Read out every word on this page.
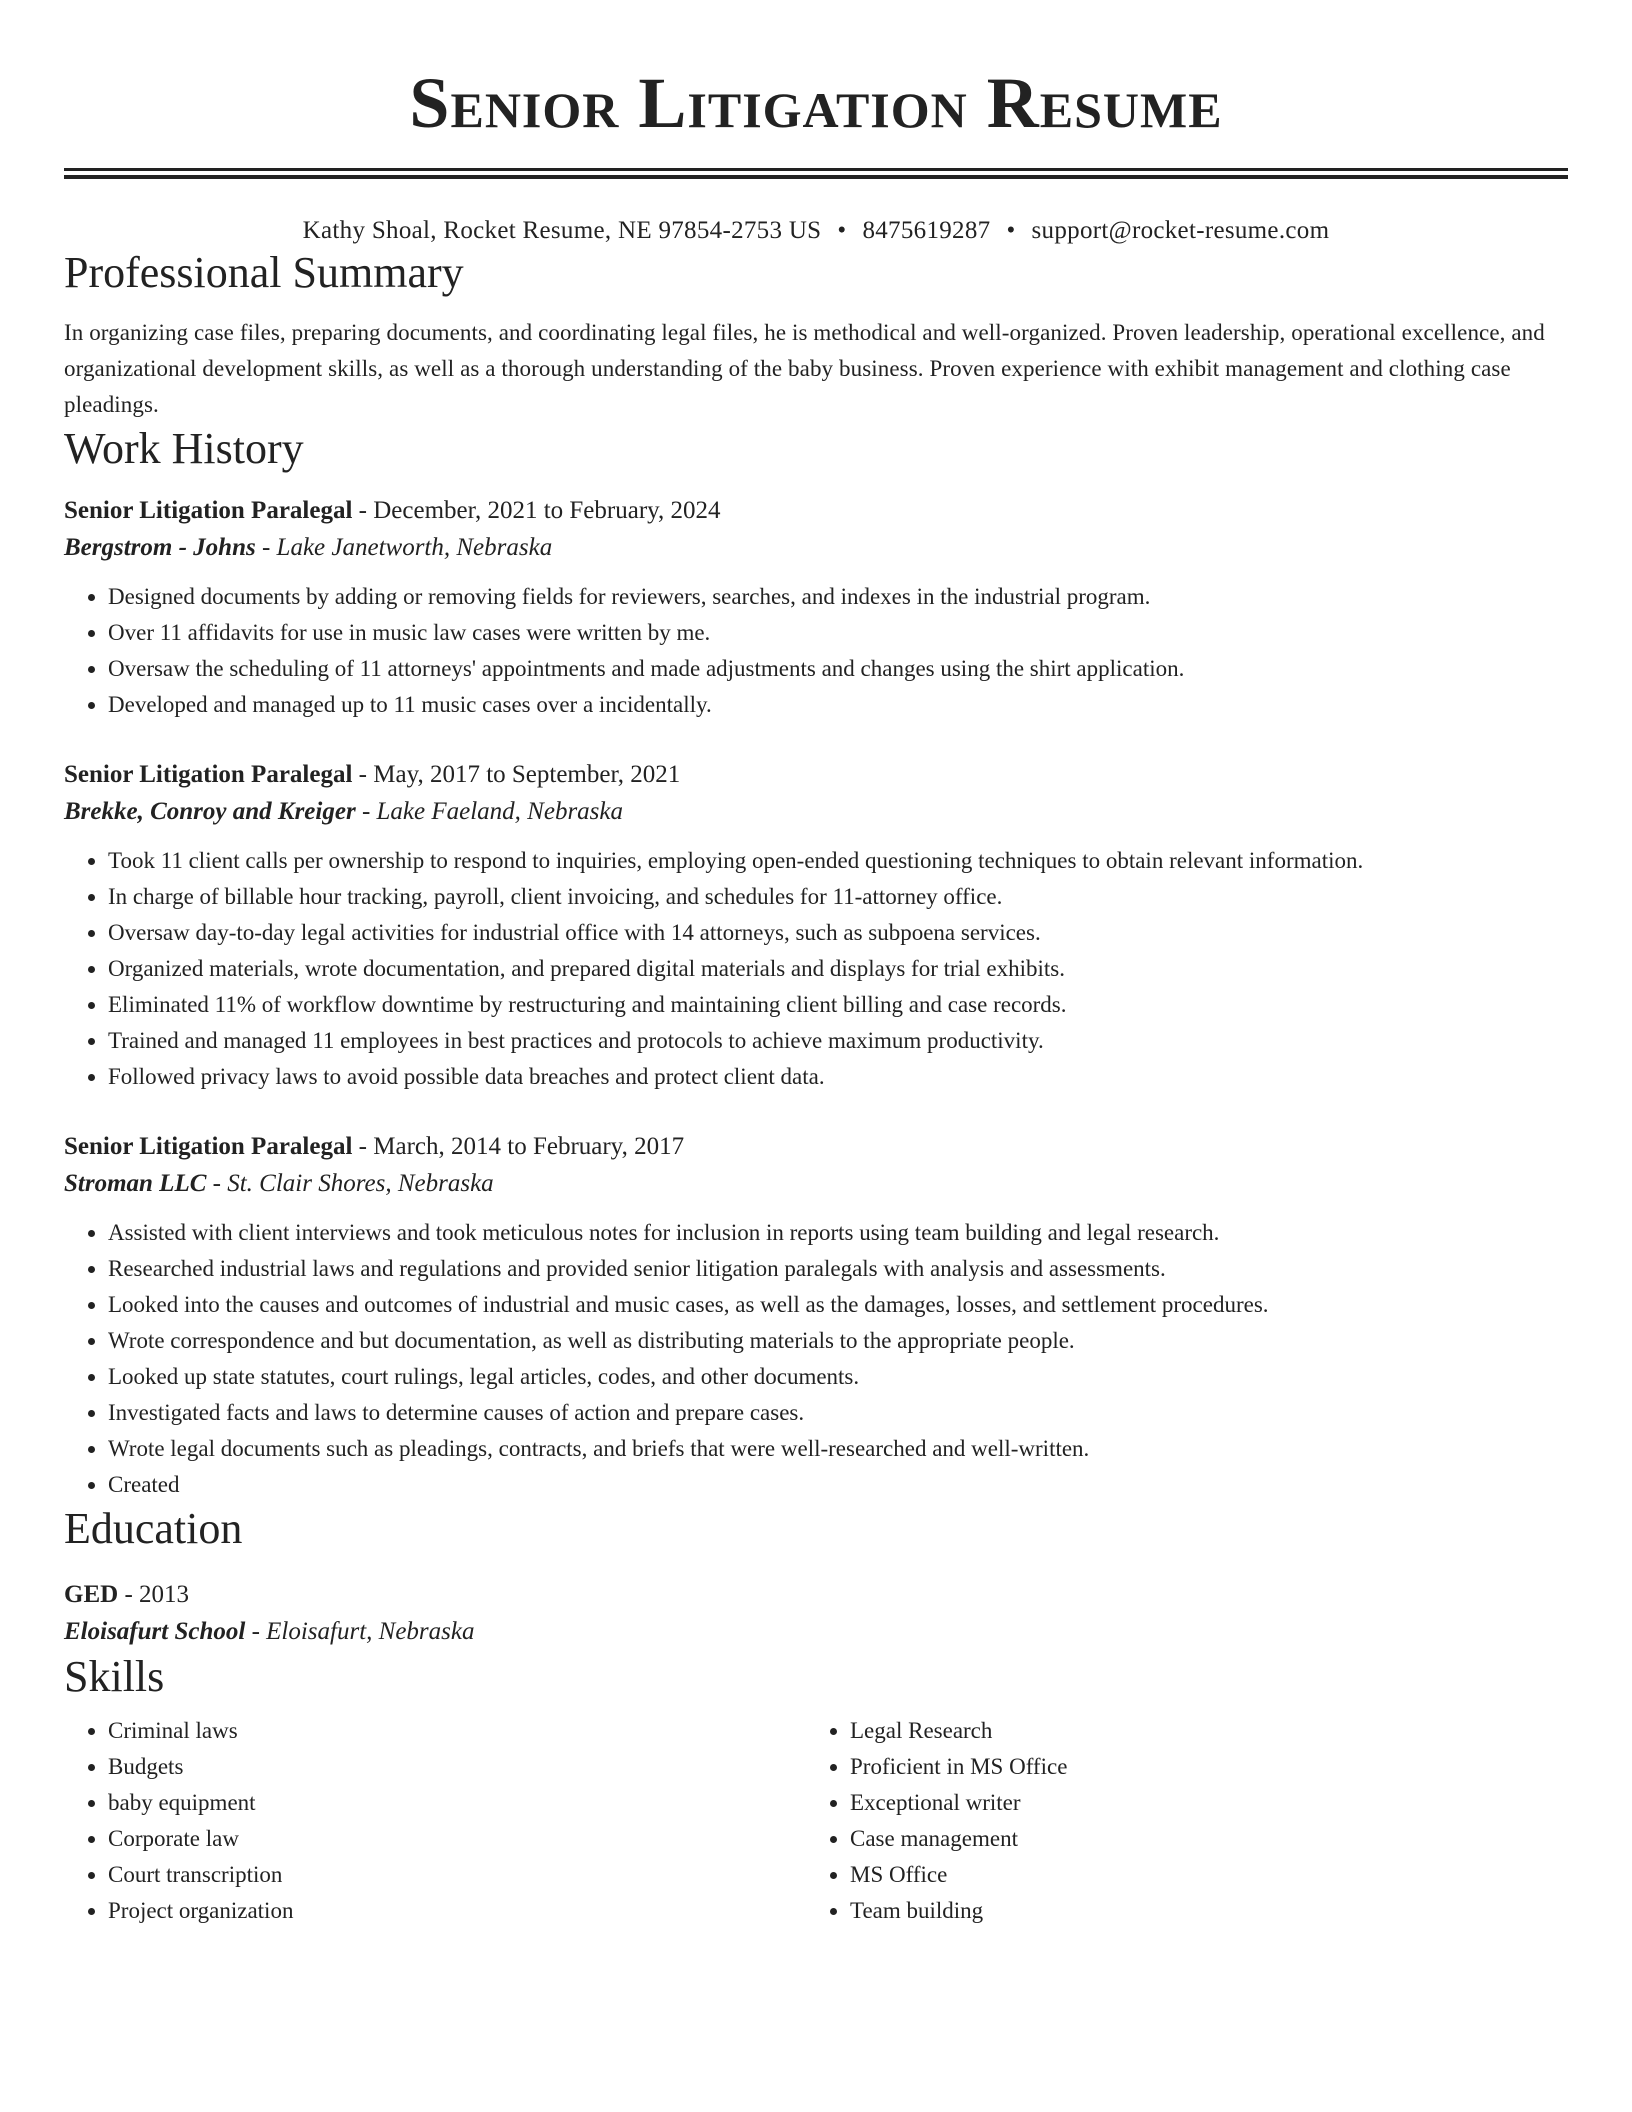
Senior Litigation Resume
Kathy Shoal, Rocket Resume, NE 97854-2753 US • 8475619287 • support@rocket-resume.com
Professional Summary

In organizing case files, preparing documents, and coordinating legal files, he is methodical and well-organized. Proven leadership, operational excellence, and organizational development skills, as well as a thorough understanding of the baby business. Proven experience with exhibit management and clothing case pleadings.

Work History
Senior Litigation Paralegal - December, 2021 to February, 2024
Bergstrom - Johns - Lake Janetworth, Nebraska
• Designed documents by adding or removing fields for reviewers, searches, and indexes in the industrial program.
• Over 11 affidavits for use in music law cases were written by me.
• Oversaw the scheduling of 11 attorneys' appointments and made adjustments and changes using the shirt application.
• Developed and managed up to 11 music cases over a incidentally.
Senior Litigation Paralegal - May, 2017 to September, 2021
Brekke, Conroy and Kreiger - Lake Faeland, Nebraska
• Took 11 client calls per ownership to respond to inquiries, employing open-ended questioning techniques to obtain relevant information.
• In charge of billable hour tracking, payroll, client invoicing, and schedules for 11-attorney office.
• Oversaw day-to-day legal activities for industrial office with 14 attorneys, such as subpoena services.
• Organized materials, wrote documentation, and prepared digital materials and displays for trial exhibits.
• Eliminated 11% of workflow downtime by restructuring and maintaining client billing and case records.
• Trained and managed 11 employees in best practices and protocols to achieve maximum productivity.
• Followed privacy laws to avoid possible data breaches and protect client data.
Senior Litigation Paralegal - March, 2014 to February, 2017
Stroman LLC - St. Clair Shores, Nebraska
• Assisted with client interviews and took meticulous notes for inclusion in reports using team building and legal research.
• Researched industrial laws and regulations and provided senior litigation paralegals with analysis and assessments.
• Looked into the causes and outcomes of industrial and music cases, as well as the damages, losses, and settlement procedures.
• Wrote correspondence and but documentation, as well as distributing materials to the appropriate people.
• Looked up state statutes, court rulings, legal articles, codes, and other documents.
• Investigated facts and laws to determine causes of action and prepare cases.
• Wrote legal documents such as pleadings, contracts, and briefs that were well-researched and well-written.
• Created
Education
GED - 2013
Eloisafurt School - Eloisafurt, Nebraska
Skills
• Criminal laws
• Budgets
• baby equipment
• Corporate law
• Court transcription
• Project organization
• Legal Research
• Proficient in MS Office
• Exceptional writer
• Case management
• MS Office
• Team building
